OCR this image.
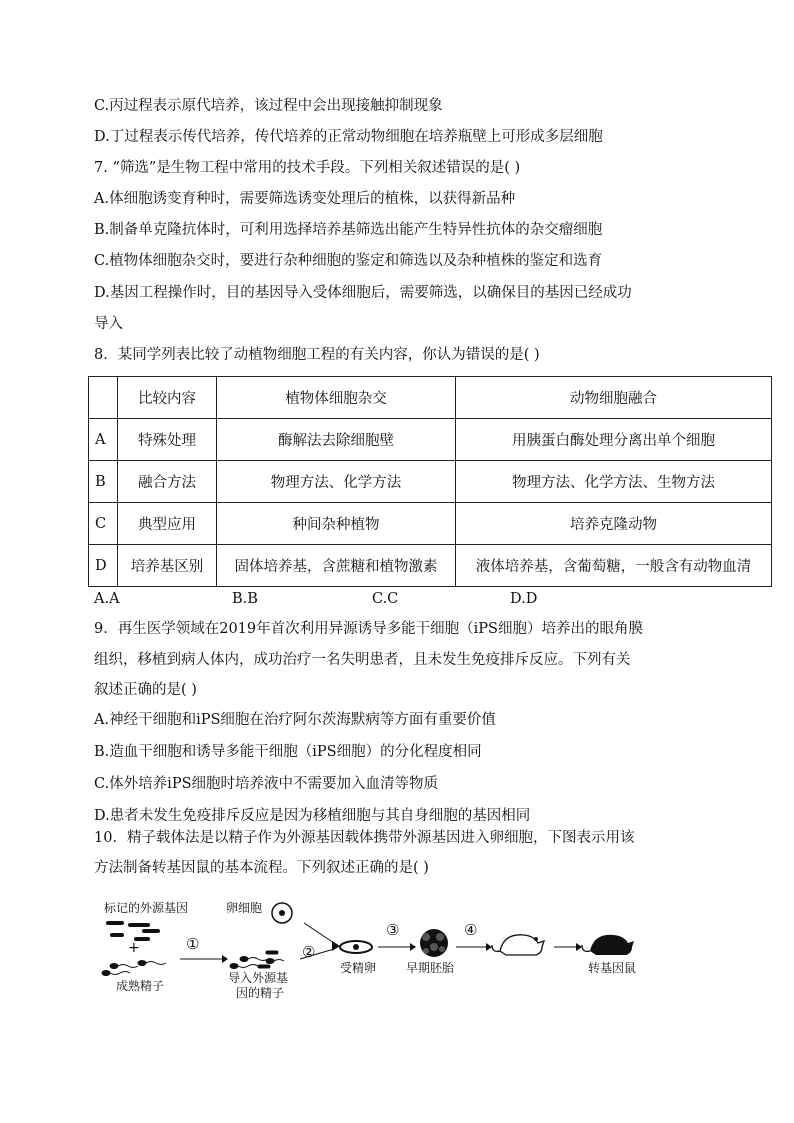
C.丙过程表示原代培养，该过程中会出现接触抑制现象
D.丁过程表示传代培养，传代培养的正常动物细胞在培养瓶壁上可形成多层细胞
7. “筛选”是生物工程中常用的技术手段。下列相关叙述错误的是( )
A.体细胞诱变育种时，需要筛选诱变处理后的植株，以获得新品种
B.制备单克隆抗体时，可利用选择培养基筛选出能产生特异性抗体的杂交瘤细胞
C.植物体细胞杂交时，要进行杂种细胞的鉴定和筛选以及杂种植株的鉴定和选育
D.基因工程操作时，目的基因导入受体细胞后，需要筛选，以确保目的基因已经成功
导入
8．某同学列表比较了动植物细胞工程的有关内容，你认为错误的是( )
	比较内容	植物体细胞杂交	动物细胞融合
A	特殊处理	酶解法去除细胞壁	用胰蛋白酶处理分离出单个细胞
B	融合方法	物理方法、化学方法	物理方法、化学方法、生物方法
C	典型应用	种间杂种植物	培养克隆动物
D	培养基区别	固体培养基，含蔗糖和植物激素	液体培养基，含葡萄糖，一般含有动物血清
A.A	B.B	C.C	D.D
9．再生医学领域在2019年首次利用异源诱导多能干细胞（iPS细胞）培养出的眼角膜
组织，移植到病人体内，成功治疗一名失明患者，且未发生免疫排斥反应。下列有关
叙述正确的是( )
A.神经干细胞和iPS细胞在治疗阿尔茨海默病等方面有重要价值
B.造血干细胞和诱导多能干细胞（iPS细胞）的分化程度相同
C.体外培养iPS细胞时培养液中不需要加入血清等物质
D.患者未发生免疫排斥反应是因为移植细胞与其自身细胞的基因相同
10．精子载体法是以精子作为外源基因载体携带外源基因进入卵细胞，下图表示用该
方法制备转基因鼠的基本流程。下列叙述正确的是( )
标记的外源基因
+
成熟精子
卵细胞
导入外源基
因的精子
受精卵 早期胚胎	转基因鼠
①	②
③	④
